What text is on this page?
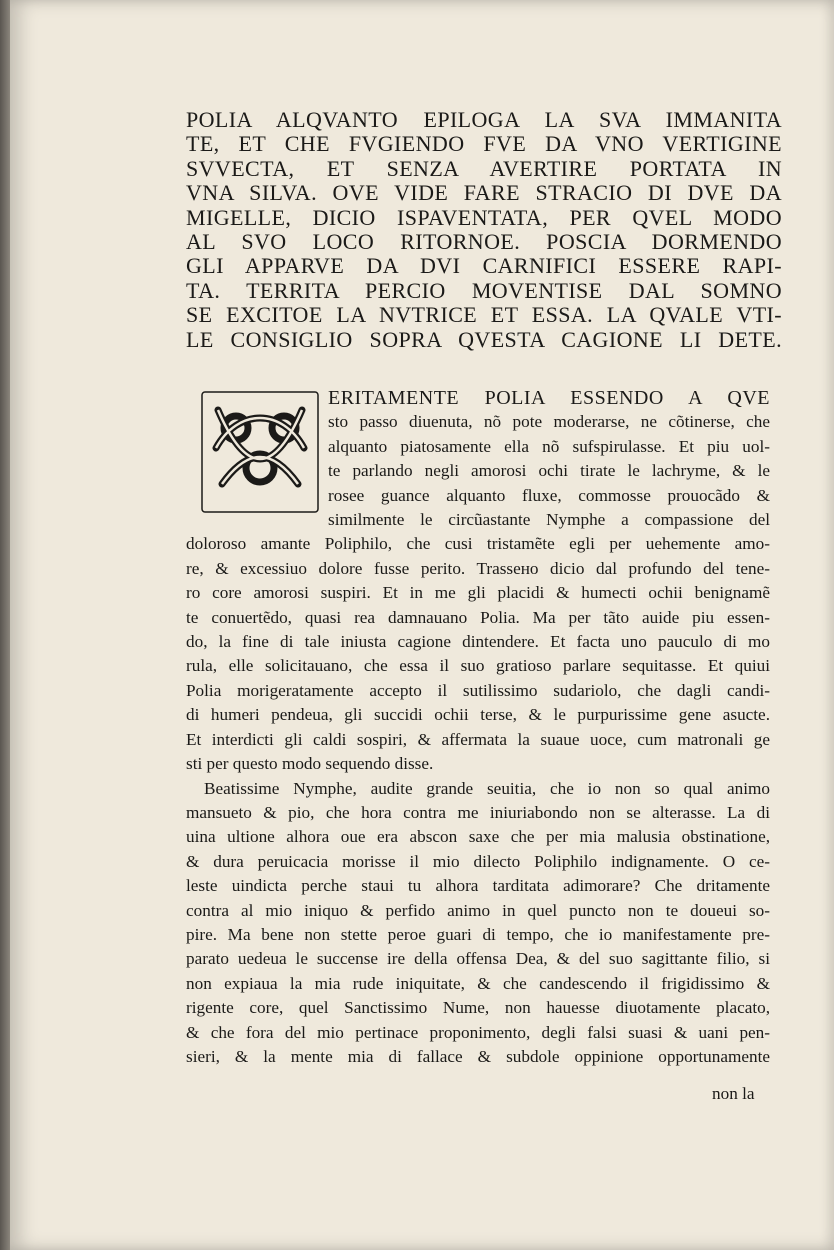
POLIA ALQVANTO EPILOGA LA SVA IMMANITA
TE, ET CHE FVGIENDO FVE DA VNO VERTIGINE
SVVECTA, ET SENZA AVERTIRE PORTATA IN
VNA SILVA. OVE VIDE FARE STRACIO DI DVE DA
MIGELLE, DICIO ISPAVENTATA, PER QVEL MODO
AL SVO LOCO RITORNOE. POSCIA DORMENDO
GLI APPARVE DA DVI CARNIFICI ESSERE RAPI-
TA. TERRITA PERCIO MOVENTISE DAL SOMNO
SE EXCITOE LA NVTRICE ET ESSA. LA QVALE VTI-
LE CONSIGLIO SOPRA QVESTA CAGIONE LI DETE.
ERITAMENTE POLIA ESSENDO A QVE
sto passo diuenuta, nõ pote moderarse, ne cõtinerse, che
alquanto piatosamente ella nõ sufspirulasse. Et piu uol-
te parlando negli amorosi ochi tirate le lachryme, & le
rosee guance alquanto fluxe, commosse prouocãdo &
similmente le circũastante Nymphe a compassione del
doloroso amante Poliphilo, che cusi tristamẽte egli per uehemente amo-
re, & excessiuo dolore fusse perito. Trassено dicio dal profundo del tene-
ro core amorosi suspiri. Et in me gli placidi & humecti ochii benignamẽ
te conuertẽdo, quasi rea damnauano Polia. Ma per tãto auide piu essen-
do, la fine di tale iniusta cagione dintendere. Et facta uno pauculo di mo
rula, elle solicitauano, che essa il suo gratioso parlare sequitasse. Et quiui
Polia morigeratamente accepto il sutilissimo sudariolo, che dagli candi-
di humeri pendeua, gli succidi ochii terse, & le purpurissime gene asucte.
Et interdicti gli caldi sospiri, & affermata la suaue uoce, cum matronali ge
sti per questo modo sequendo disse.
Beatissime Nymphe, audite grande seuitia, che io non so qual animo
mansueto & pio, che hora contra me iniuriabondo non se alterasse. La di
uina ultione alhora oue era abscon saxe che per mia malusia obstinatione,
& dura peruicacia morisse il mio dilecto Poliphilo indignamente. O ce-
leste uindicta perche staui tu alhora tarditata adimorare? Che dritamente
contra al mio iniquo & perfido animo in quel puncto non te doueui so-
pire. Ma bene non stette peroe guari di tempo, che io manifestamente pre-
parato uedeua le succense ire della offensa Dea, & del suo sagittante filio, si
non expiaua la mia rude iniquitate, & che candescendo il frigidissimo &
rigente core, quel Sanctissimo Nume, non hauesse diuotamente placato,
& che fora del mio pertinace proponimento, degli falsi suasi & uani pen-
sieri, & la mente mia di fallace & subdole oppinione opportunamente
non la
